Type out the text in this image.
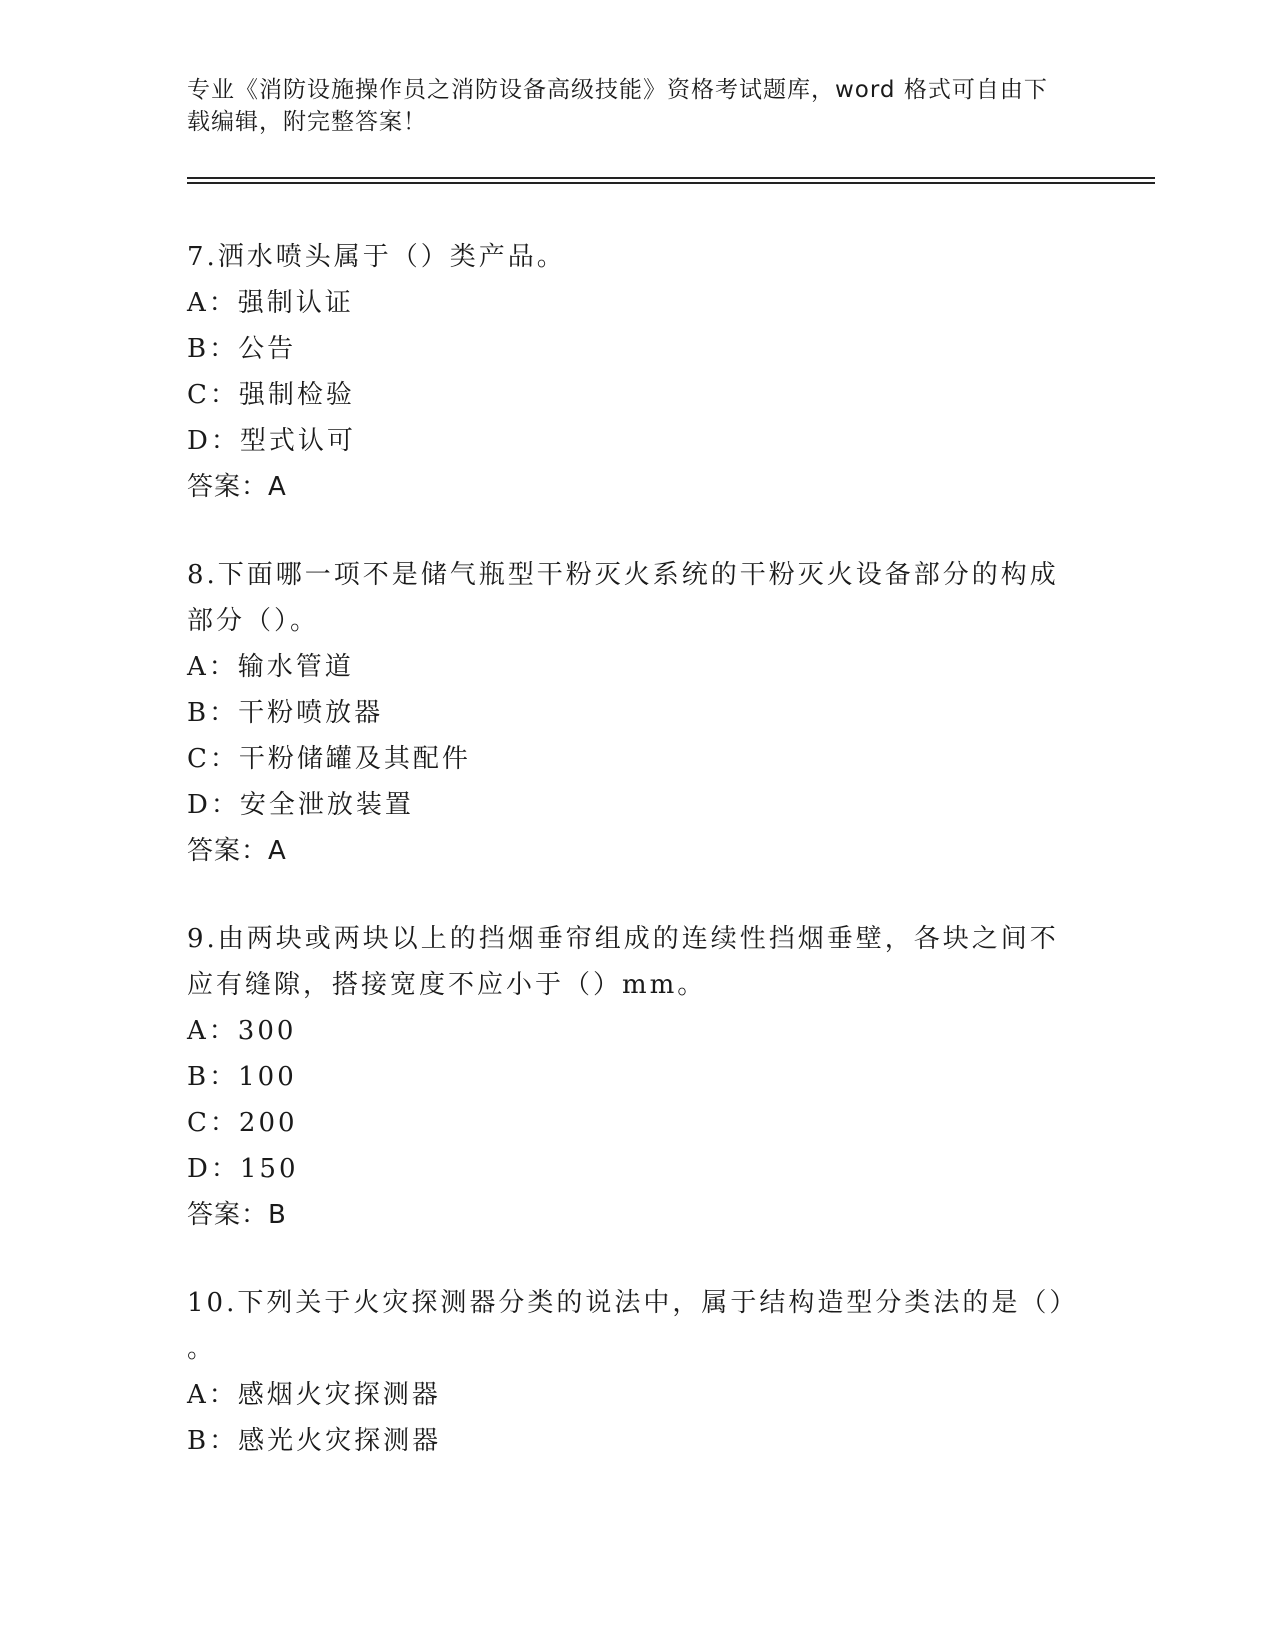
专业《消防设施操作员之消防设备高级技能》资格考试题库，word 格式可自由下
载编辑，附完整答案！
7.洒水喷头属于（）类产品。
A：强制认证
B：公告
C：强制检验
D：型式认可
答案：A
8.下面哪一项不是储气瓶型干粉灭火系统的干粉灭火设备部分的构成
部分（）。
A：输水管道
B：干粉喷放器
C：干粉储罐及其配件
D：安全泄放装置
答案：A
9.由两块或两块以上的挡烟垂帘组成的连续性挡烟垂壁，各块之间不
应有缝隙，搭接宽度不应小于（）mm。
A：300
B：100
C：200
D：150
答案：B
10.下列关于火灾探测器分类的说法中，属于结构造型分类法的是（）
。
A：感烟火灾探测器
B：感光火灾探测器
